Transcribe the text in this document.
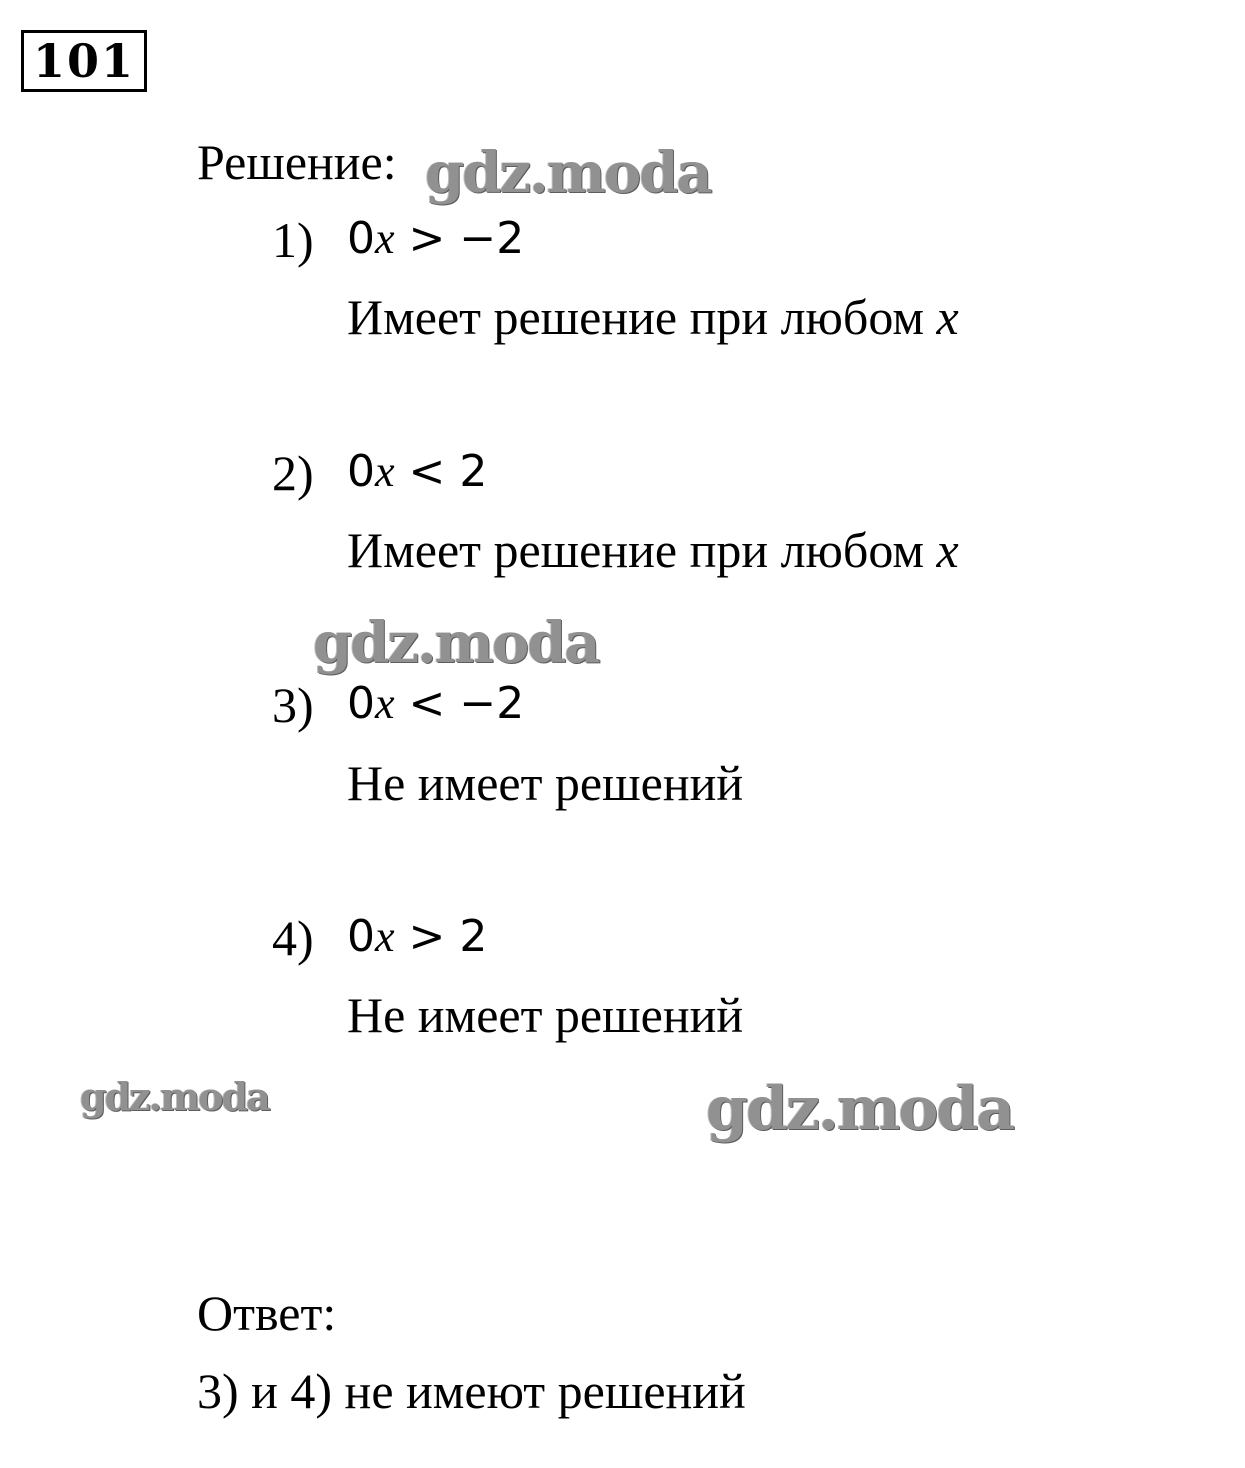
101
Решение:
1) 0x > −2
Имеет решение при любом x
2) 0x < 2
Имеет решение при любом x
3) 0x < −2
Не имеет решений
4) 0x > 2
Не имеет решений
Ответ:
3) и 4) не имеют решений
gdz.moda
gdz.moda
gdz.moda	gdz.moda
